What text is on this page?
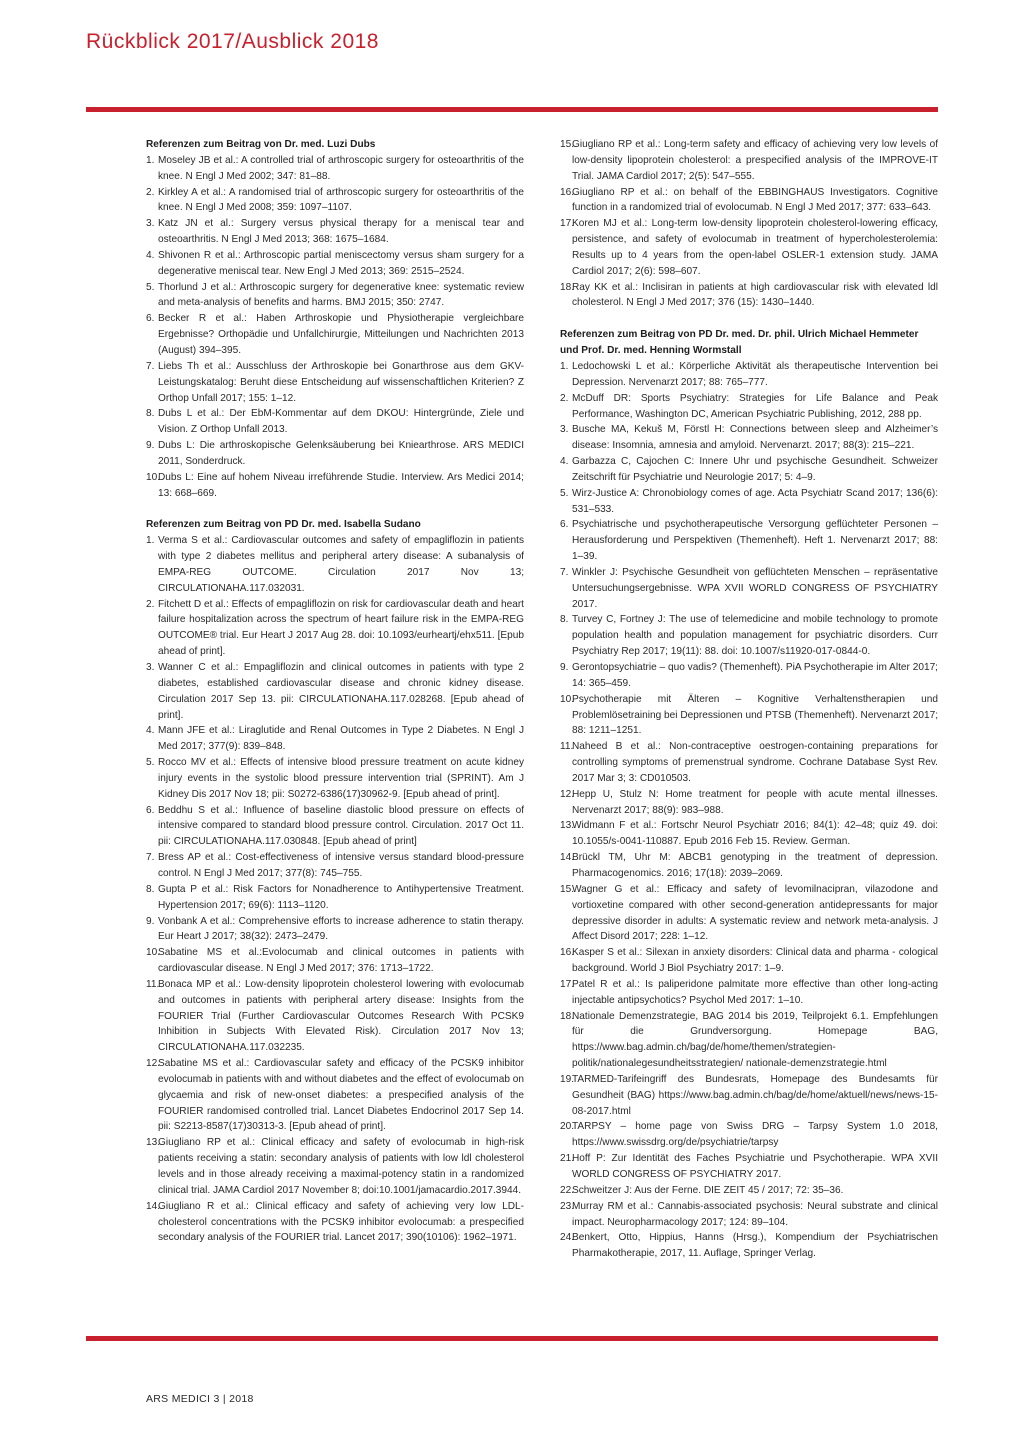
Rückblick 2017/Ausblick 2018

Referenzen zum Beitrag von Dr. med. Luzi Dubs

1. Moseley JB et al.: A controlled trial of arthroscopic surgery for osteoarthritis of the knee. N Engl J Med 2002; 347: 81–88.
2. Kirkley A et al.: A randomised trial of arthroscopic surgery for osteoarthritis of the knee. N Engl J Med 2008; 359: 1097–1107.
3. Katz JN et al.: Surgery versus physical therapy for a meniscal tear and osteoarthritis. N Engl J Med 2013; 368: 1675–1684.
4. Shivonen R et al.: Arthroscopic partial meniscectomy versus sham surgery for a degenerative meniscal tear. New Engl J Med 2013; 369: 2515–2524.
5. Thorlund J et al.: Arthroscopic surgery for degenerative knee: systematic review and meta-analysis of benefits and harms. BMJ 2015; 350: 2747.
6. Becker R et al.: Haben Arthroskopie und Physiotherapie vergleichbare Ergebnisse? Orthopädie und Unfallchirurgie, Mitteilungen und Nachrichten 2013 (August) 394–395.
7. Liebs Th et al.: Ausschluss der Arthroskopie bei Gonarthrose aus dem GKV-Leistungskatalog: Beruht diese Entscheidung auf wissenschaftlichen Kriterien? Z Orthop Unfall 2017; 155: 1–12.
8. Dubs L et al.: Der EbM-Kommentar auf dem DKOU: Hintergründe, Ziele und Vision. Z Orthop Unfall 2013.
9. Dubs L: Die arthroskopische Gelenksäuberung bei Kniearthrose. ARS MEDICI 2011, Sonderdruck.
10.
Dubs L: Eine auf hohem Niveau irreführende Studie. Interview. Ars Medici 2014; 13: 668–669.

Referenzen zum Beitrag von PD Dr. med. Isabella Sudano

1. Verma S et al.: Cardiovascular outcomes and safety of empagliflozin in patients with type 2 diabetes mellitus and peripheral artery disease: A subanalysis of EMPA-REG OUTCOME. Circulation 2017 Nov 13; CIRCULATIONAHA.117.032031.
2. Fitchett D et al.: Effects of empagliflozin on risk for cardiovascular death and heart failure hospitalization across the spectrum of heart failure risk in the EMPA-REG OUTCOME® trial. Eur Heart J 2017 Aug 28. doi: 10.1093/eurheartj/ehx511. [Epub ahead of print].
3. Wanner C et al.: Empagliflozin and clinical outcomes in patients with type 2 diabetes, established cardiovascular disease and chronic kidney disease. Circulation 2017 Sep 13. pii: CIRCULATIONAHA.117.028268. [Epub ahead of print].
4. Mann JFE et al.: Liraglutide and Renal Outcomes in Type 2 Diabetes. N Engl J Med 2017; 377(9): 839–848.
5. Rocco MV et al.: Effects of intensive blood pressure treatment on acute kidney injury events in the systolic blood pressure intervention trial (SPRINT). Am J Kidney Dis 2017 Nov 18; pii: S0272-6386(17)30962-9. [Epub ahead of print].
6. Beddhu S et al.: Influence of baseline diastolic blood pressure on effects of intensive compared to standard blood pressure control. Circulation. 2017 Oct 11. pii: CIRCULATIONAHA.117.030848. [Epub ahead of print]
7. Bress AP et al.: Cost-effectiveness of intensive versus standard blood-pressure control. N Engl J Med 2017; 377(8): 745–755.
8. Gupta P et al.: Risk Factors for Nonadherence to Antihypertensive Treatment. Hypertension 2017; 69(6): 1113–1120.
9. Vonbank A et al.: Comprehensive efforts to increase adherence to statin therapy. Eur Heart J 2017; 38(32): 2473–2479.
10.
Sabatine MS et al.:Evolocumab and clinical outcomes in patients with cardiovascular disease. N Engl J Med 2017; 376: 1713–1722.
11.
Bonaca MP et al.: Low-density lipoprotein cholesterol lowering with evolocumab and outcomes in patients with peripheral artery disease: Insights from the FOURIER Trial (Further Cardiovascular Outcomes Research With PCSK9 Inhibition in Subjects With Elevated Risk). Circulation 2017 Nov 13; CIRCULATIONAHA.117.032235.
12.
Sabatine MS et al.: Cardiovascular safety and efficacy of the PCSK9 inhibitor evolocumab in patients with and without diabetes and the effect of evolocumab on glycaemia and risk of new-onset diabetes: a prespecified analysis of the FOURIER randomised controlled trial. Lancet Diabetes Endocrinol 2017 Sep 14. pii: S2213-8587(17)30313-3. [Epub ahead of print].
13.
Giugliano RP et al.: Clinical efficacy and safety of evolocumab in high-risk patients receiving a statin: secondary analysis of patients with low ldl cholesterol levels and in those already receiving a maximal-potency statin in a randomized clinical trial. JAMA Cardiol 2017 November 8; doi:10.1001/jamacardio.2017.3944.
14.
Giugliano R et al.: Clinical efficacy and safety of achieving very low LDL-cholesterol concentrations with the PCSK9 inhibitor evolocumab: a prespecified secondary analysis of the FOURIER trial. Lancet 2017; 390(10106): 1962–1971.
15.
Giugliano RP et al.: Long-term safety and efficacy of achieving very low levels of low-density lipoprotein cholesterol: a prespecified analysis of the IMPROVE-IT Trial. JAMA Cardiol 2017; 2(5): 547–555.
16.
Giugliano RP et al.: on behalf of the EBBINGHAUS Investigators. Cognitive function in a randomized trial of evolocumab. N Engl J Med 2017; 377: 633–643.
17.
Koren MJ et al.: Long-term low-density lipoprotein cholesterol-lowering efficacy, persistence, and safety of evolocumab in treatment of hypercholesterolemia: Results up to 4 years from the open-label OSLER-1 extension study. JAMA Cardiol 2017; 2(6): 598–607.
18.
Ray KK et al.: Inclisiran in patients at high cardiovascular risk with elevated ldl cholesterol. N Engl J Med 2017; 376 (15): 1430–1440.

Referenzen zum Beitrag von PD Dr. med. Dr. phil. Ulrich Michael Hemmeter und Prof. Dr. med. Henning Wormstall

1. Ledochowski L et al.: Körperliche Aktivität als therapeutische Intervention bei Depression. Nervenarzt 2017; 88: 765–777.
2. McDuff DR: Sports Psychiatry: Strategies for Life Balance and Peak Performance, Washington DC, American Psychiatric Publishing, 2012, 288 pp.
3. Busche MA, Kekuš M, Förstl H: Connections between sleep and Alzheimer’s disease: Insomnia, amnesia and amyloid. Nervenarzt. 2017; 88(3): 215–221.
4. Garbazza C, Cajochen C: Innere Uhr und psychische Gesundheit. Schweizer Zeitschrift für Psychiatrie und Neurologie 2017; 5: 4–9.
5. Wirz-Justice A: Chronobiology comes of age. Acta Psychiatr Scand 2017; 136(6): 531–533.
6. Psychiatrische und psychotherapeutische Versorgung geflüchteter Personen – Herausforderung und Perspektiven (Themenheft). Heft 1. Nervenarzt 2017; 88: 1–39.
7. Winkler J: Psychische Gesundheit von geflüchteten Menschen – repräsentative Untersuchungsergebnisse. WPA XVII WORLD CONGRESS OF PSYCHIATRY 2017.
8. Turvey C, Fortney J: The use of telemedicine and mobile technology to promote population health and population management for psychiatric disorders. Curr Psychiatry Rep 2017; 19(11): 88. doi: 10.1007/s11920-017-0844-0.
9. Gerontopsychiatrie – quo vadis? (Themenheft). PiA Psychotherapie im Alter 2017; 14: 365–459.
10.
Psychotherapie mit Älteren – Kognitive Verhaltenstherapien und Problemlösetraining bei Depressionen und PTSB (Themenheft). Nervenarzt 2017; 88: 1211–1251.
11.
Naheed B et al.: Non-contraceptive oestrogen-containing preparations for controlling symptoms of premenstrual syndrome. Cochrane Database Syst Rev. 2017 Mar 3; 3: CD010503.
12.
Hepp U, Stulz N: Home treatment for people with acute mental illnesses. Nervenarzt 2017; 88(9): 983–988.
13.
Widmann F et al.: Fortschr Neurol Psychiatr 2016; 84(1): 42–48; quiz 49. doi: 10.1055/s-0041-110887. Epub 2016 Feb 15. Review. German.
14.
Brückl TM, Uhr M: ABCB1 genotyping in the treatment of depression. Pharmacogenomics. 2016; 17(18): 2039–2069.
15.
Wagner G et al.: Efficacy and safety of levomilnacipran, vilazodone and vortioxetine compared with other second-generation antidepressants for major depressive disorder in adults: A systematic review and network meta-analysis. J Affect Disord 2017; 228: 1–12.
16.
Kasper S et al.: Silexan in anxiety disorders: Clinical data and pharma - cological background. World J Biol Psychiatry 2017: 1–9.
17.
Patel R et al.: Is paliperidone palmitate more effective than other long-acting injectable antipsychotics? Psychol Med 2017: 1–10.
18.
Nationale Demenzstrategie, BAG 2014 bis 2019, Teilprojekt 6.1. Empfehlungen für die Grundversorgung. Homepage BAG, https://www.bag.admin.ch/bag/de/home/themen/strategien-politik/nationalegesundheitsstrategien/ nationale-demenzstrategie.html
19.
TARMED-Tarifeingriff des Bundesrats, Homepage des Bundesamts für Gesundheit (BAG) https://www.bag.admin.ch/bag/de/home/aktuell/news/news-15-08-2017.html
20.
TARPSY – home page von Swiss DRG – Tarpsy System 1.0 2018, https://www.swissdrg.org/de/psychiatrie/tarpsy
21.
Hoff P: Zur Identität des Faches Psychiatrie und Psychotherapie. WPA XVII WORLD CONGRESS OF PSYCHIATRY 2017.
22.
Schweitzer J: Aus der Ferne. DIE ZEIT 45 / 2017; 72: 35–36.
23.
Murray RM et al.: Cannabis-associated psychosis: Neural substrate and clinical impact. Neuropharmacology 2017; 124: 89–104.
24.
Benkert, Otto, Hippius, Hanns (Hrsg.), Kompendium der Psychiatrischen Pharmakotherapie, 2017, 11. Auflage, Springer Verlag.
ARS MEDICI 3 | 2018
